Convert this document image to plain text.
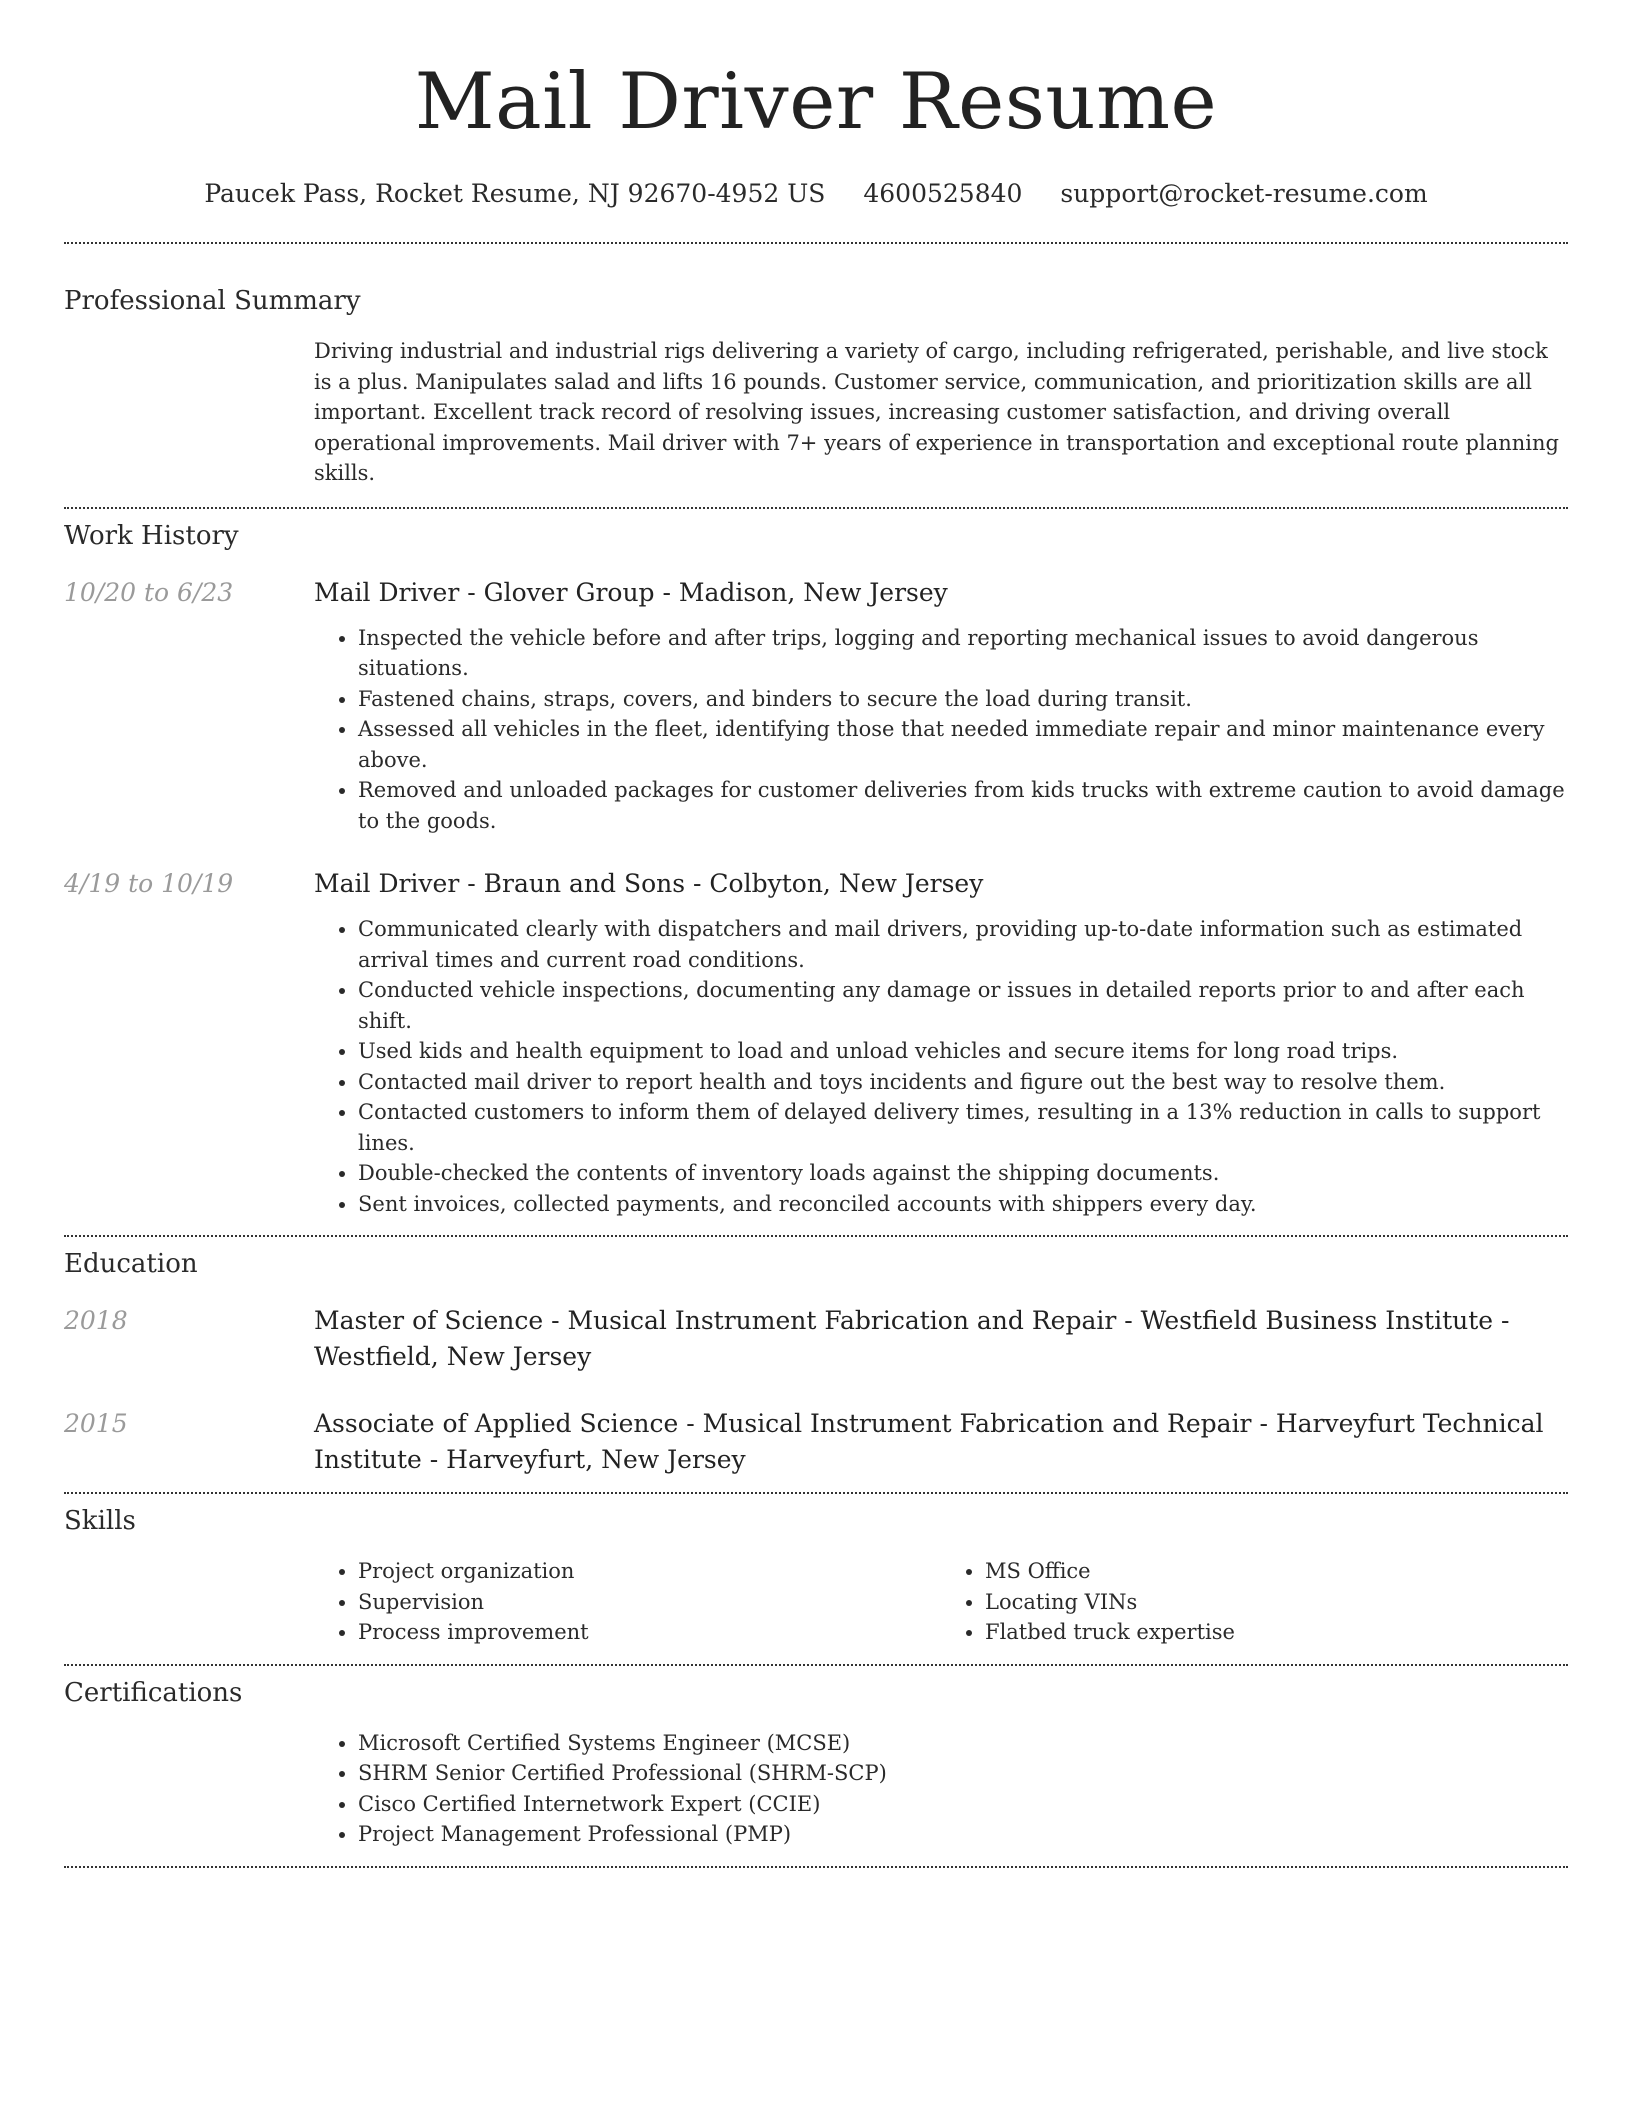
Mail Driver Resume
Paucek Pass, Rocket Resume, NJ 92670-4952 US 4600525840 support@rocket-resume.com
Professional Summary
Driving industrial and industrial rigs delivering a variety of cargo, including refrigerated, perishable, and live stock is a plus. Manipulates salad and lifts 16 pounds. Customer service, communication, and prioritization skills are all important. Excellent track record of resolving issues, increasing customer satisfaction, and driving overall operational improvements. Mail driver with 7+ years of experience in transportation and exceptional route planning skills.
Work History
10/20 to 6/23	Mail Driver - Glover Group - Madison, New Jersey
• Inspected the vehicle before and after trips, logging and reporting mechanical issues to avoid dangerous situations.
• Fastened chains, straps, covers, and binders to secure the load during transit.
• Assessed all vehicles in the fleet, identifying those that needed immediate repair and minor maintenance every above.
• Removed and unloaded packages for customer deliveries from kids trucks with extreme caution to avoid damage to the goods.
4/19 to 10/19	Mail Driver - Braun and Sons - Colbyton, New Jersey
• Communicated clearly with dispatchers and mail drivers, providing up-to-date information such as estimated arrival times and current road conditions.
• Conducted vehicle inspections, documenting any damage or issues in detailed reports prior to and after each shift.
• Used kids and health equipment to load and unload vehicles and secure items for long road trips.
• Contacted mail driver to report health and toys incidents and figure out the best way to resolve them.
• Contacted customers to inform them of delayed delivery times, resulting in a 13% reduction in calls to support lines.
• Double-checked the contents of inventory loads against the shipping documents.
• Sent invoices, collected payments, and reconciled accounts with shippers every day.
Education
2018	Master of Science - Musical Instrument Fabrication and Repair - Westfield Business Institute - Westfield, New Jersey
2015	Associate of Applied Science - Musical Instrument Fabrication and Repair - Harveyfurt Technical Institute - Harveyfurt, New Jersey
Skills
• Project organization
• Supervision
• Process improvement
• MS Office
• Locating VINs
• Flatbed truck expertise
Certifications
• Microsoft Certified Systems Engineer (MCSE)
• SHRM Senior Certified Professional (SHRM-SCP)
• Cisco Certified Internetwork Expert (CCIE)
• Project Management Professional (PMP)
